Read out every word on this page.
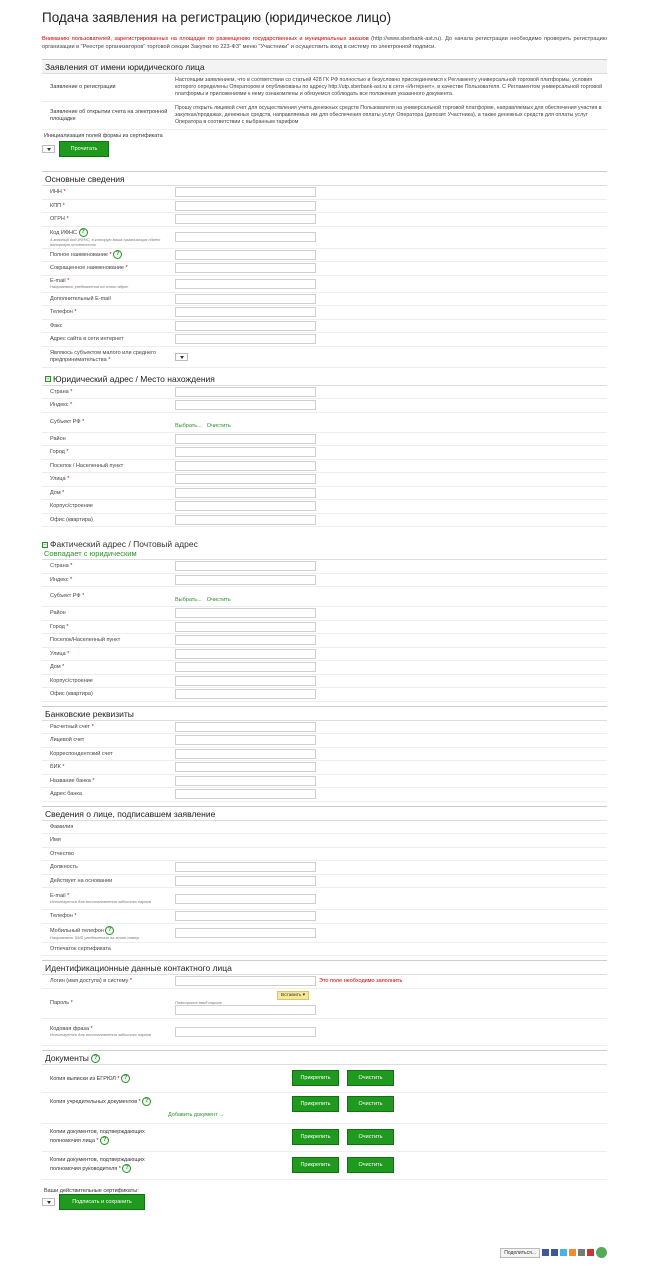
Подача заявления на регистрацию (юридическое лицо)
Вниманию пользователей, зарегистрированных на площадке по размещению государственных и муниципальных заказов (http://www.sberbank-ast.ru). До начала регистрации необходимо проверить регистрацию организации в "Реестре организаторов" торговой секции Закупки по 223-ФЗ" меню "Участники" и осуществить вход в систему по электронной подписи.
Заявления от имени юридического лица
Заявление о регистрации
Настоящим заявлением, что в соответствии со статьей 428 ГК РФ полностью и безусловно присоединяемся к Регламенту универсальной торговой платформы, условия которого определены Оператором и опубликованы по адресу http://utp.sberbank-ast.ru в сети «Интернет», в качестве Пользователя. С Регламентом универсальной торговой платформы и приложениями к нему ознакомлены и обязуемся соблюдать все положения указанного документа.
Заявление об открытии счета на электронной площадке
Прошу открыть лицевой счет для осуществления учета денежных средств Пользователя на универсальной торговой платформе, направляемых для обеспечения участия в закупках/продажах, денежных средств, направляемых им для обеспечения оплаты услуг Оператора (депозит Участника), а также денежных средств для оплаты услуг Оператора в соответствии с выбранным тарифом
Инициализация полей формы из сертификата
Прочитать
Основные сведения
ИНН *
КПП *
ОГРН *
Код ИФНС ?
4-значный код ИФНС, в которую ваша организация сдает налоговую отчетность
Полное наименование * ?
Сокращенное наименование *
E-mail *
Направлять уведомления на этот адрес
Дополнительный E-mail
Телефон *
Факс
Адрес сайта в сети интернет
Являюсь субъектом малого или среднего предпринимательства *
− Юридический адрес / Место нахождения
Страна *
Индекс *
Субъект РФ *
Выбрать... Очистить
Район
Город *
Поселок / Населенный пункт
Улица *
Дом *
Корпус/строение
Офис (квартира)
− Фактический адрес / Почтовый адрес
Совпадает с юридическим
Страна *
Индекс *
Субъект РФ *
Выбрать... Очистить
Район
Город *
Поселок/Населенный пункт
Улица *
Дом *
Корпус/строение
Офис (квартира)
Банковские реквизиты
Расчетный счет *
Лицевой счет
Корреспондентский счет
БИК *
Название банка *
Адрес банка
Сведения о лице, подписавшем заявление
Фамилия
Имя
Отчество
Должность
Действует на основании
E-mail *
Используется для восстановления забытого пароля
Телефон *
Мобильный телефон ?
Направлять SMS уведомления на этот номер
Отпечаток сертификата
Идентификационные данные контактного лица
Логин (имя доступа) в систему *	Это поле необходимо заполнить
Пароль *
Вставить ▾
Повторите ввод пароля
Кодовая фраза *
Используется для восстановления забытого пароля
Документы ?
Копия выписки из ЕГРЮЛ * ?	Прикрепить	Очистить
Копия учредительных документов * ?
Добавить документ →
Прикрепить	Очистить
Копии документов, подтверждающих полномочия лица * ?	Прикрепить	Очистить
Копии документов, подтверждающих полномочия руководителя * ?	Прикрепить	Очистить
Ваши действительные сертификаты:
Подписать и сохранить
Поделиться...
